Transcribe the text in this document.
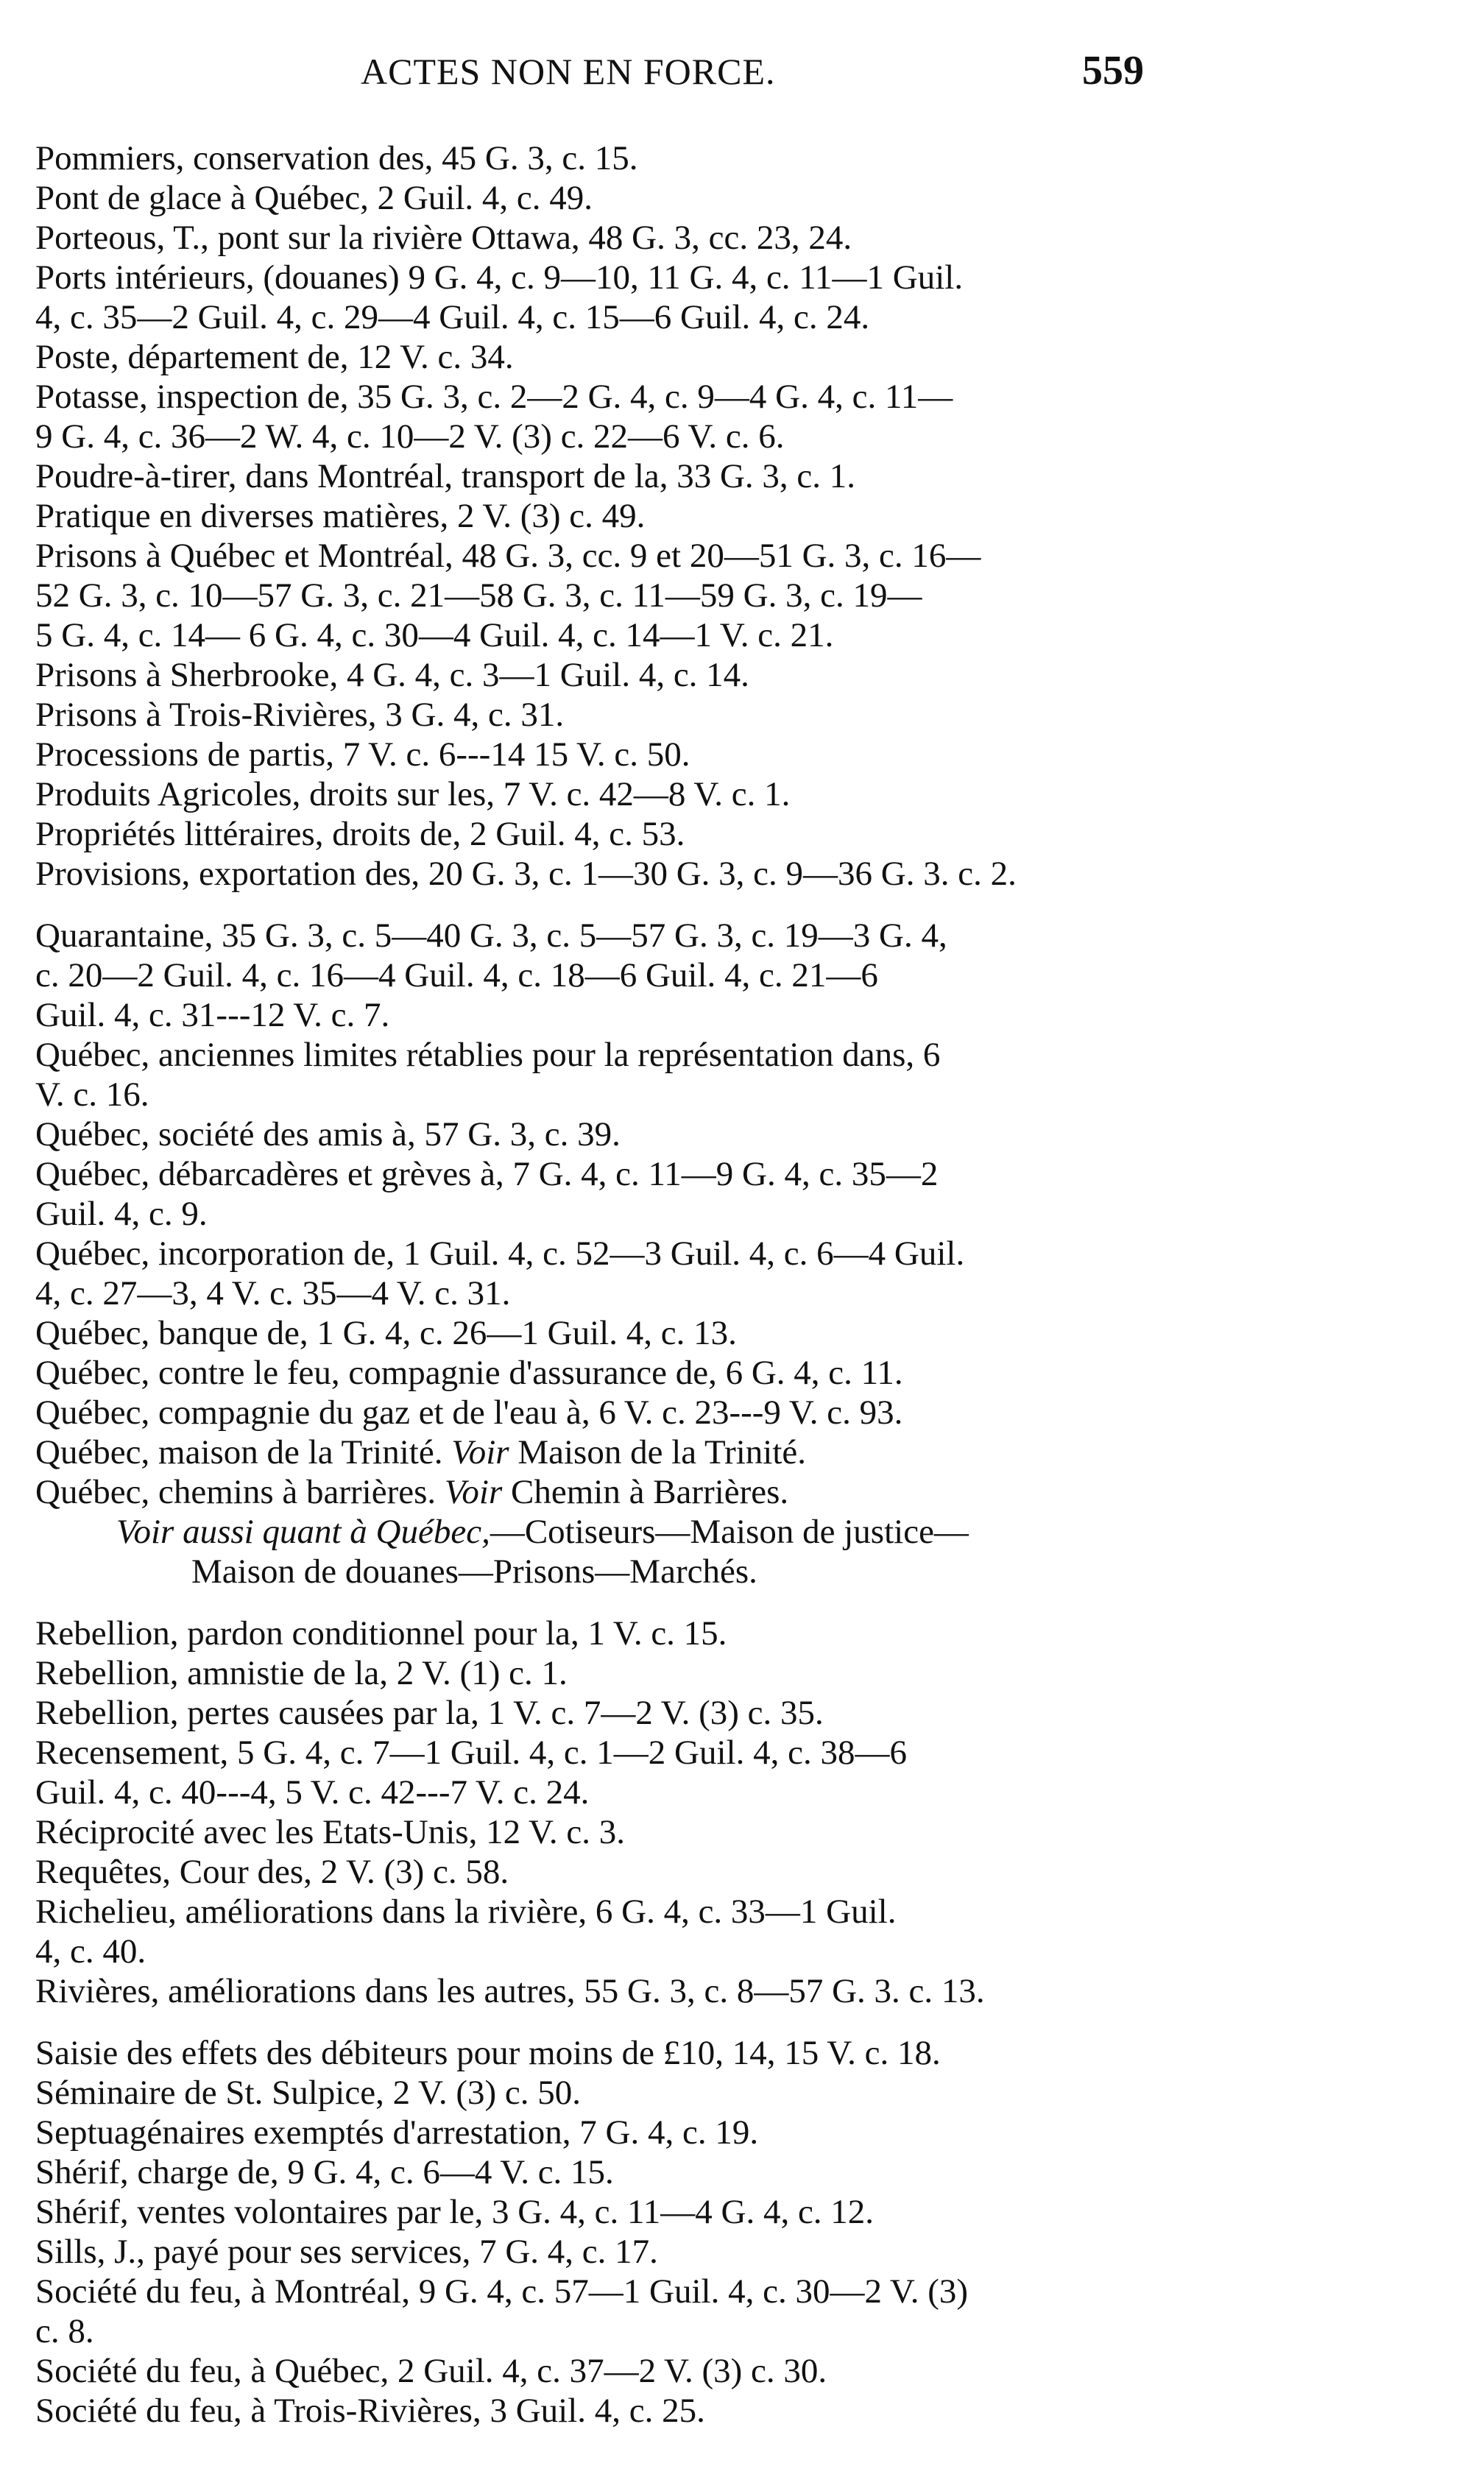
ACTES NON EN FORCE.	559
Pommiers, conservation des, 45 G. 3, c. 15.
Pont de glace à Québec, 2 Guil. 4, c. 49.
Porteous, T., pont sur la rivière Ottawa, 48 G. 3, cc. 23, 24.
Ports intérieurs, (douanes) 9 G. 4, c. 9—10, 11 G. 4, c. 11—1 Guil.
4, c. 35—2 Guil. 4, c. 29—4 Guil. 4, c. 15—6 Guil. 4, c. 24.
Poste, département de, 12 V. c. 34.
Potasse, inspection de, 35 G. 3, c. 2—2 G. 4, c. 9—4 G. 4, c. 11—
9 G. 4, c. 36—2 W. 4, c. 10—2 V. (3) c. 22—6 V. c. 6.
Poudre-à-tirer, dans Montréal, transport de la, 33 G. 3, c. 1.
Pratique en diverses matières, 2 V. (3) c. 49.
Prisons à Québec et Montréal, 48 G. 3, cc. 9 et 20—51 G. 3, c. 16—
52 G. 3, c. 10—57 G. 3, c. 21—58 G. 3, c. 11—59 G. 3, c. 19—
5 G. 4, c. 14— 6 G. 4, c. 30—4 Guil. 4, c. 14—1 V. c. 21.
Prisons à Sherbrooke, 4 G. 4, c. 3—1 Guil. 4, c. 14.
Prisons à Trois-Rivières, 3 G. 4, c. 31.
Processions de partis, 7 V. c. 6---14 15 V. c. 50.
Produits Agricoles, droits sur les, 7 V. c. 42—8 V. c. 1.
Propriétés littéraires, droits de, 2 Guil. 4, c. 53.
Provisions, exportation des, 20 G. 3, c. 1—30 G. 3, c. 9—36 G. 3. c. 2.
Quarantaine, 35 G. 3, c. 5—40 G. 3, c. 5—57 G. 3, c. 19—3 G. 4,
c. 20—2 Guil. 4, c. 16—4 Guil. 4, c. 18—6 Guil. 4, c. 21—6
Guil. 4, c. 31---12 V. c. 7.
Québec, anciennes limites rétablies pour la représentation dans, 6
V. c. 16.
Québec, société des amis à, 57 G. 3, c. 39.
Québec, débarcadères et grèves à, 7 G. 4, c. 11—9 G. 4, c. 35—2
Guil. 4, c. 9.
Québec, incorporation de, 1 Guil. 4, c. 52—3 Guil. 4, c. 6—4 Guil.
4, c. 27—3, 4 V. c. 35—4 V. c. 31.
Québec, banque de, 1 G. 4, c. 26—1 Guil. 4, c. 13.
Québec, contre le feu, compagnie d'assurance de, 6 G. 4, c. 11.
Québec, compagnie du gaz et de l'eau à, 6 V. c. 23---9 V. c. 93.
Québec, maison de la Trinité. Voir Maison de la Trinité.
Québec, chemins à barrières. Voir Chemin à Barrières.
Voir aussi quant à Québec,—Cotiseurs—Maison de justice—
Maison de douanes—Prisons—Marchés.
Rebellion, pardon conditionnel pour la, 1 V. c. 15.
Rebellion, amnistie de la, 2 V. (1) c. 1.
Rebellion, pertes causées par la, 1 V. c. 7—2 V. (3) c. 35.
Recensement, 5 G. 4, c. 7—1 Guil. 4, c. 1—2 Guil. 4, c. 38—6
Guil. 4, c. 40---4, 5 V. c. 42---7 V. c. 24.
Réciprocité avec les Etats-Unis, 12 V. c. 3.
Requêtes, Cour des, 2 V. (3) c. 58.
Richelieu, améliorations dans la rivière, 6 G. 4, c. 33—1 Guil.
4, c. 40.
Rivières, améliorations dans les autres, 55 G. 3, c. 8—57 G. 3. c. 13.
Saisie des effets des débiteurs pour moins de £10, 14, 15 V. c. 18.
Séminaire de St. Sulpice, 2 V. (3) c. 50.
Septuagénaires exemptés d'arrestation, 7 G. 4, c. 19.
Shérif, charge de, 9 G. 4, c. 6—4 V. c. 15.
Shérif, ventes volontaires par le, 3 G. 4, c. 11—4 G. 4, c. 12.
Sills, J., payé pour ses services, 7 G. 4, c. 17.
Société du feu, à Montréal, 9 G. 4, c. 57—1 Guil. 4, c. 30—2 V. (3)
c. 8.
Société du feu, à Québec, 2 Guil. 4, c. 37—2 V. (3) c. 30.
Société du feu, à Trois-Rivières, 3 Guil. 4, c. 25.
